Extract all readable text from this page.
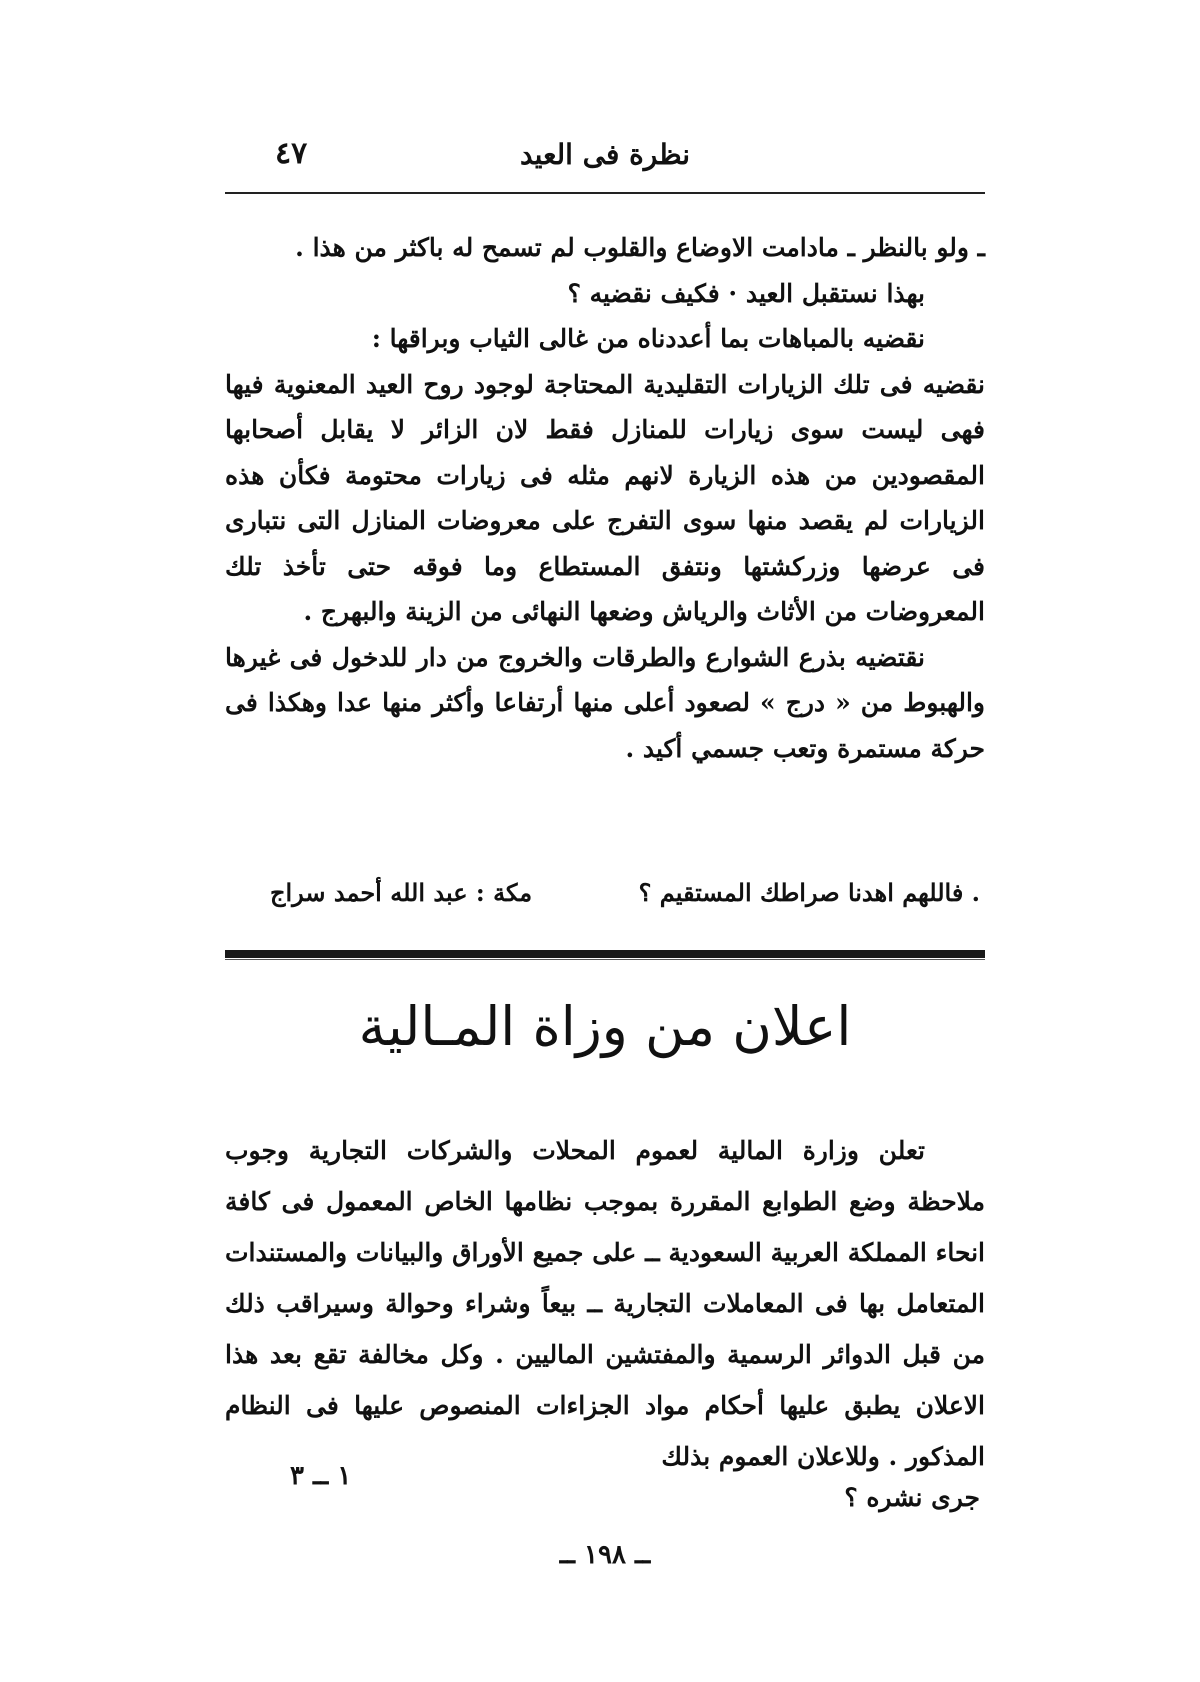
نظرة فى العيد
٤٧

ـ ولو بالنظر ـ مادامت الاوضاع والقلوب لم تسمح له باكثر من هذا .

بهذا نستقبل العيد · فكيف نقضيه ؟

نقضيه بالمباهات بما أعددناه من غالى الثياب وبراقها :

نقضيه فى تلك الزيارات التقليدية المحتاجة لوجود روح العيد المعنوية فيها فهى ليست سوى زيارات للمنازل فقط لان الزائر لا يقابل أصحابها المقصودين من هذه الزيارة لانهم مثله فى زيارات محتومة فكأن هذه الزيارات لم يقصد منها سوى التفرج على معروضات المنازل التى نتبارى فى عرضها وزركشتها ونتفق المستطاع وما فوقه حتى تأخذ تلك المعروضات من الأثاث والرياش وضعها النهائى من الزينة والبهرج .

نقتضيه بذرع الشوارع والطرقات والخروج من دار للدخول فى غيرها والهبوط من « درج » لصعود أعلى منها أرتفاعا وأكثر منها عدا وهكذا فى حركة مستمرة وتعب جسمي أكيد .

. فاللهم اهدنا صراطك المستقيم ؟
مكة : عبد الله أحمد سراج
اعلان من وزاة المـالية
تعلن وزارة المالية لعموم المحلات والشركات التجارية وجوب ملاحظة وضع الطوابع المقررة بموجب نظامها الخاص المعمول فى كافة انحاء المملكة العربية السعودية ــ على جميع الأوراق والبيانات والمستندات المتعامل بها فى المعاملات التجارية ــ بيعاً وشراء وحوالة وسيراقب ذلك من قبل الدوائر الرسمية والمفتشين الماليين . وكل مخالفة تقع بعد هذا الاعلان يطبق عليها أحكام مواد الجزاءات المنصوص عليها فى النظام المذكور . وللاعلان العموم بذلك
جرى نشره ؟
١ ــ ٣
ــ ١٩٨ ــ
